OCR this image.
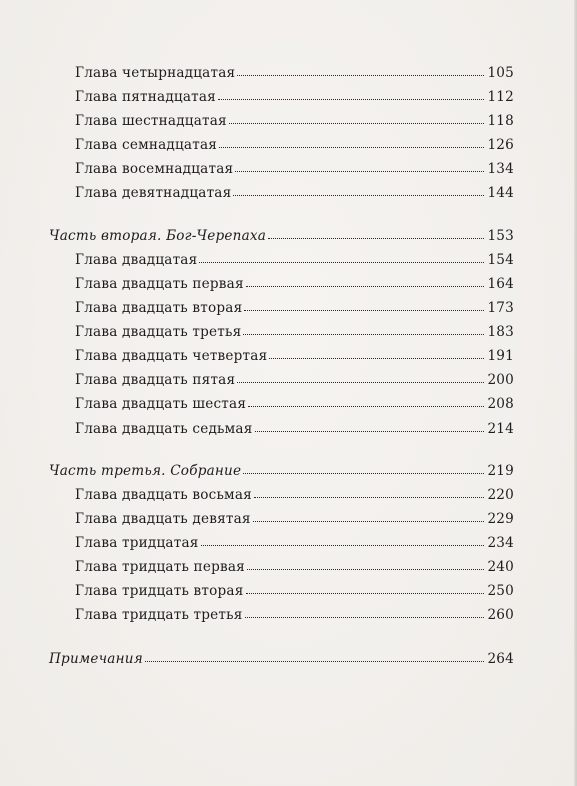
Глава четырнадцатая	105
Глава пятнадцатая	112
Глава шестнадцатая	118
Глава семнадцатая	126
Глава восемнадцатая	134
Глава девятнадцатая	144
Часть вторая. Бог-Черепаха	153
Глава двадцатая	154
Глава двадцать первая	164
Глава двадцать вторая	173
Глава двадцать третья	183
Глава двадцать четвертая	191
Глава двадцать пятая	200
Глава двадцать шестая	208
Глава двадцать седьмая	214
Часть третья. Собрание	219
Глава двадцать восьмая	220
Глава двадцать девятая	229
Глава тридцатая	234
Глава тридцать первая	240
Глава тридцать вторая	250
Глава тридцать третья	260
Примечания	264
